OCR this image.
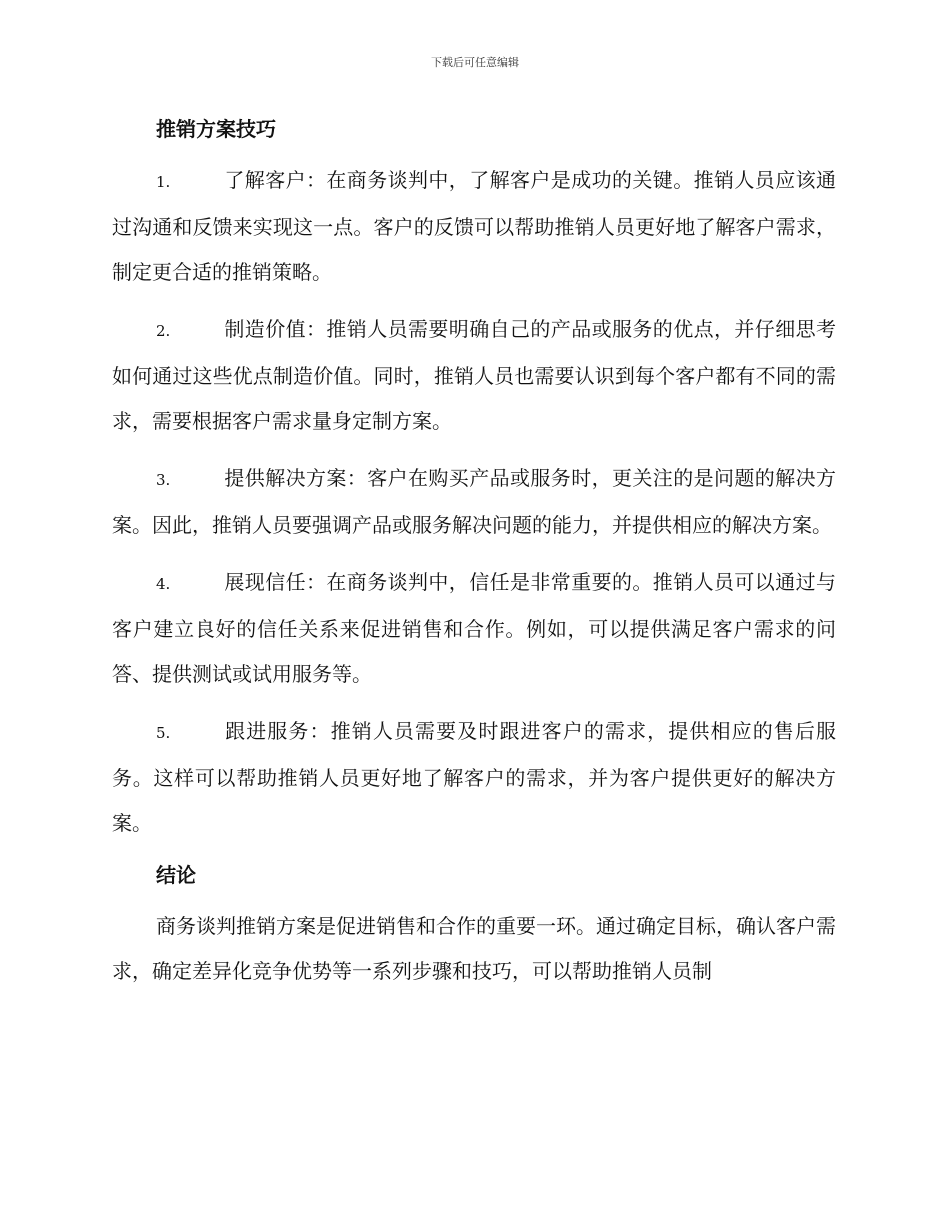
下载后可任意编辑
推销方案技巧

1.	了解客户：在商务谈判中，了解客户是成功的关键。推销人员应该通过沟通和反馈来实现这一点。客户的反馈可以帮助推销人员更好地了解客户需求，制定更合适的推销策略。

2.	制造价值：推销人员需要明确自己的产品或服务的优点，并仔细思考如何通过这些优点制造价值。同时，推销人员也需要认识到每个客户都有不同的需求，需要根据客户需求量身定制方案。

3.	提供解决方案：客户在购买产品或服务时，更关注的是问题的解决方案。因此，推销人员要强调产品或服务解决问题的能力，并提供相应的解决方案。

4.	展现信任：在商务谈判中，信任是非常重要的。推销人员可以通过与客户建立良好的信任关系来促进销售和合作。例如，可以提供满足客户需求的问答、提供测试或试用服务等。

5.	跟进服务：推销人员需要及时跟进客户的需求，提供相应的售后服务。这样可以帮助推销人员更好地了解客户的需求，并为客户提供更好的解决方案。

结论

商务谈判推销方案是促进销售和合作的重要一环。通过确定目标，确认客户需求，确定差异化竞争优势等一系列步骤和技巧，可以帮助推销人员制
